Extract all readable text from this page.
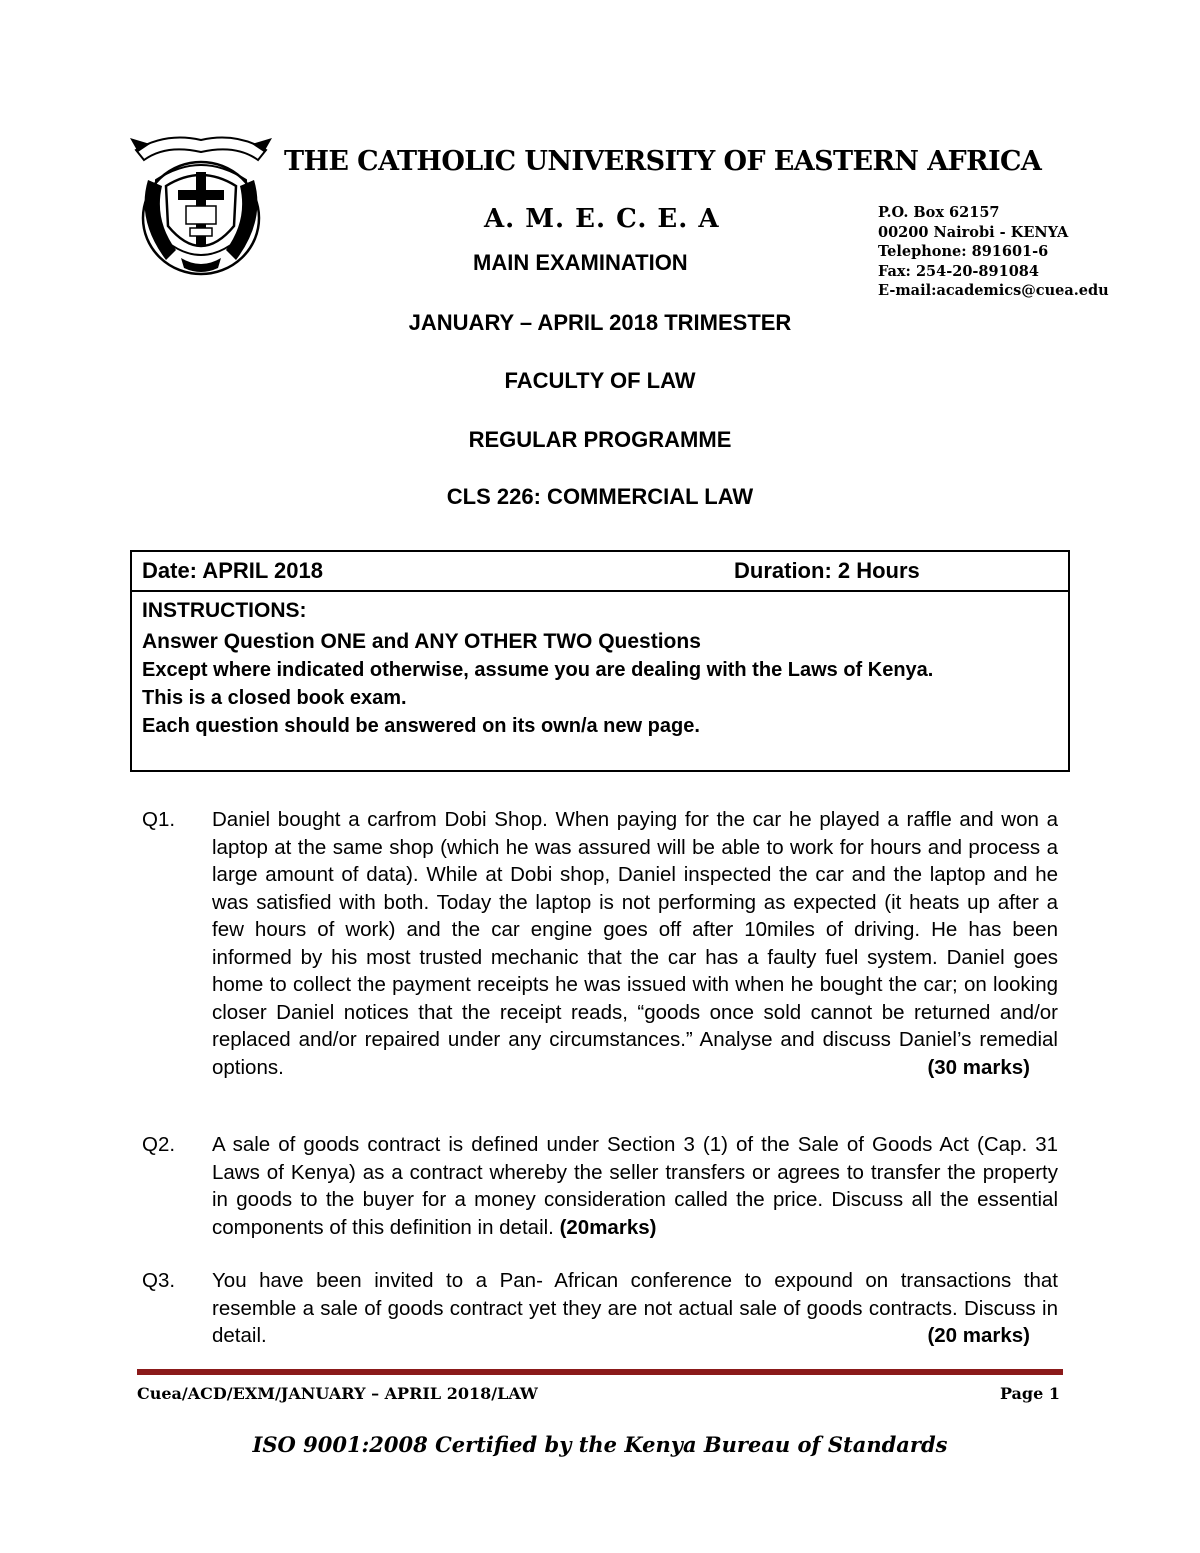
THE CATHOLIC UNIVERSITY OF EASTERN AFRICA
A. M. E. C. E. A	P.O. Box 62157
00200 Nairobi - KENYA
Telephone: 891601-6
Fax: 254-20-891084
E-mail:academics@cuea.edu
MAIN EXAMINATION
JANUARY – APRIL 2018 TRIMESTER
FACULTY OF LAW
REGULAR PROGRAMME
CLS 226: COMMERCIAL LAW
Date: APRIL 2018	Duration: 2 Hours
INSTRUCTIONS:
Answer Question ONE and ANY OTHER TWO Questions
Except where indicated otherwise, assume you are dealing with the Laws of Kenya.
This is a closed book exam.
Each question should be answered on its own/a new page.
Q1. Daniel bought a carfrom Dobi Shop. When paying for the car he played a raffle and won a laptop at the same shop (which he was assured will be able to work for hours and process a large amount of data). While at Dobi shop, Daniel inspected the car and the laptop and he was satisfied with both. Today the laptop is not performing as expected (it heats up after a few hours of work) and the car engine goes off after 10miles of driving. He has been informed by his most trusted mechanic that the car has a faulty fuel system. Daniel goes home to collect the payment receipts he was issued with when he bought the car; on looking closer Daniel notices that the receipt reads, “goods once sold cannot be returned and/or replaced and/or repaired under any circumstances.” Analyse and discuss Daniel’s remedial options.	(30 marks)
Q2. A sale of goods contract is defined under Section 3 (1) of the Sale of Goods Act (Cap. 31 Laws of Kenya) as a contract whereby the seller transfers or agrees to transfer the property in goods to the buyer for a money consideration called the price. Discuss all the essential components of this definition in detail. (20marks)
Q3. You have been invited to a Pan- African conference to expound on transactions that resemble a sale of goods contract yet they are not actual sale of goods contracts. Discuss in detail.	(20 marks)
Cuea/ACD/EXM/JANUARY – APRIL 2018/LAW	Page 1
ISO 9001:2008 Certified by the Kenya Bureau of Standards
